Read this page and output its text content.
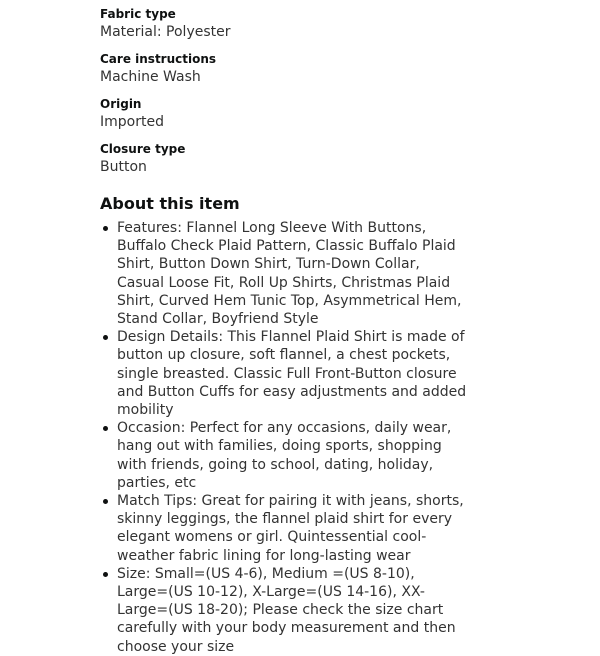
Fabric type
Material: Polyester
Care instructions
Machine Wash
Origin
Imported
Closure type
Button
About this item
Features: Flannel Long Sleeve With Buttons, Buffalo Check Plaid Pattern, Classic Buffalo Plaid Shirt, Button Down Shirt, Turn-Down Collar, Casual Loose Fit, Roll Up Shirts, Christmas Plaid Shirt, Curved Hem Tunic Top, Asymmetrical Hem, Stand Collar, Boyfriend Style
Design Details: This Flannel Plaid Shirt is made of button up closure, soft flannel, a chest pockets, single breasted. Classic Full Front-Button closure and Button Cuffs for easy adjustments and added mobility
Occasion: Perfect for any occasions, daily wear, hang out with families, doing sports, shopping with friends, going to school, dating, holiday, parties, etc
Match Tips: Great for pairing it with jeans, shorts, skinny leggings, the flannel plaid shirt for every elegant womens or girl. Quintessential cool-weather fabric lining for long-lasting wear
Size: Small=(US 4-6), Medium =(US 8-10), Large=(US 10-12), X-Large=(US 14-16), XX-Large=(US 18-20); Please check the size chart carefully with your body measurement and then choose your size
